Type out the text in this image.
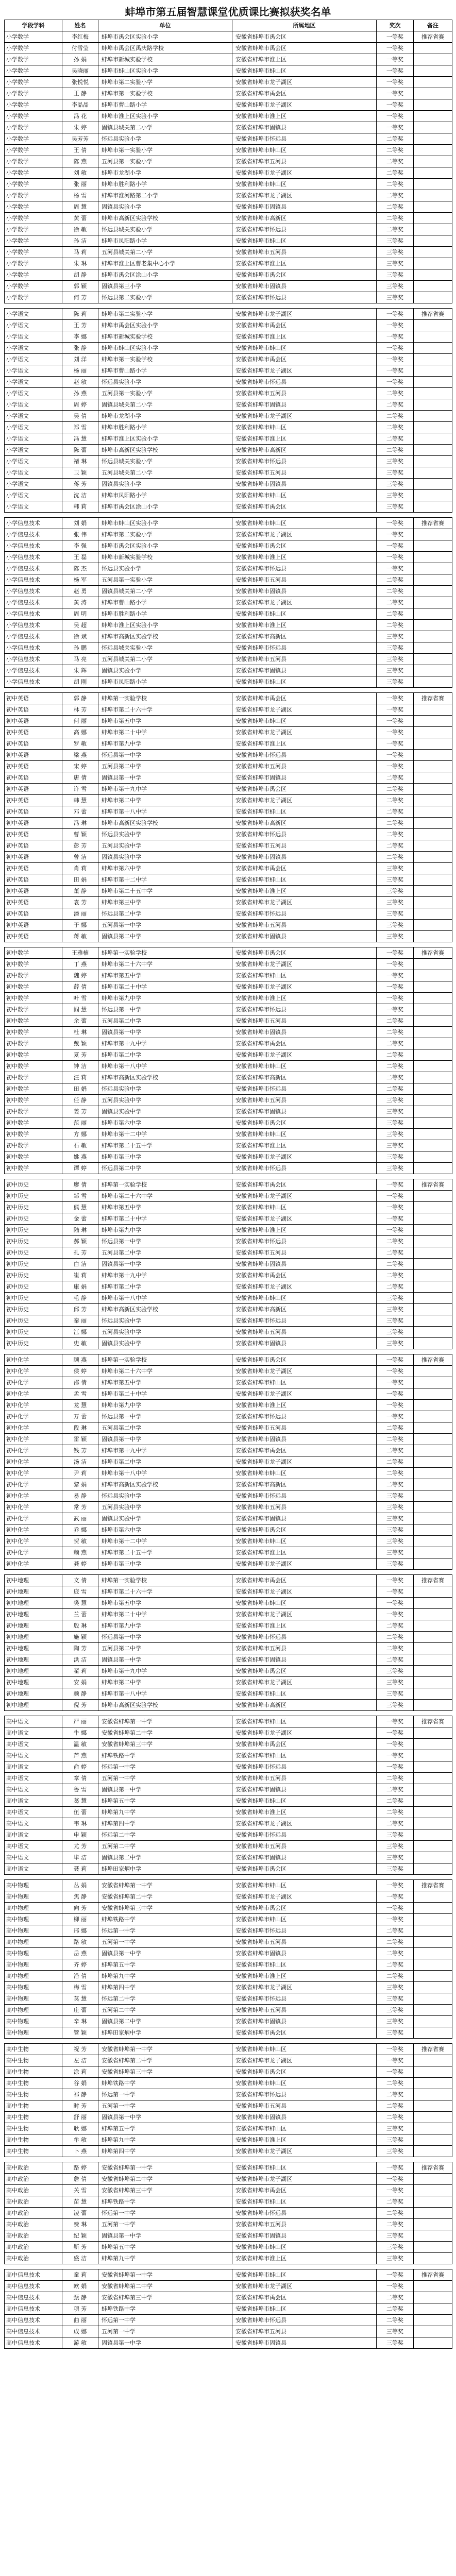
蚌埠市第五届智慧课堂优质课比赛拟获奖名单
学段学科	姓名	单位	所属地区	奖次	备注
小学数学	李红梅	蚌埠市禹会区实验小学	安徽省蚌埠市禹会区	一等奖	推荐省赛
小学数学	付雪莹	蚌埠市禹会区禹庆路学校	安徽省蚌埠市禹会区	一等奖	
小学数学	孙 娟	蚌埠市新城实验学校	安徽省蚌埠市淮上区	一等奖	
小学数学	吴晓丽	蚌埠市蚌山区实验小学	安徽省蚌埠市蚌山区	一等奖	
小学数学	张悦悦	蚌埠市第二实验小学	安徽省蚌埠市龙子湖区	一等奖	
小学数学	王 静	蚌埠市第一实验学校	安徽省蚌埠市禹会区	一等奖	
小学数学	李晶晶	蚌埠市曹山路小学	安徽省蚌埠市龙子湖区	一等奖	
小学数学	冯 花	蚌埠市淮上区实验小学	安徽省蚌埠市淮上区	一等奖	
小学数学	朱 婷	固镇县城关第二小学	安徽省蚌埠市固镇县	一等奖	
小学数学	吴芳芳	怀远县实验小学	安徽省蚌埠市怀远县	二等奖	
小学数学	王 倩	蚌埠市第一实验小学	安徽省蚌埠市蚌山区	二等奖	
小学数学	陈 燕	五河县第一实验小学	安徽省蚌埠市五河县	二等奖	
小学数学	刘 敏	蚌埠市龙湖小学	安徽省蚌埠市龙子湖区	二等奖	
小学数学	张 丽	蚌埠市胜利路小学	安徽省蚌埠市蚌山区	二等奖	
小学数学	杨 雪	蚌埠市淮河路第二小学	安徽省蚌埠市龙子湖区	二等奖	
小学数学	周 慧	固镇县实验小学	安徽省蚌埠市固镇县	二等奖	
小学数学	黄 蕾	蚌埠市高新区实验学校	安徽省蚌埠市高新区	二等奖	
小学数学	徐 敏	怀远县城关实验小学	安徽省蚌埠市怀远县	二等奖	
小学数学	孙 洁	蚌埠市凤阳路小学	安徽省蚌埠市蚌山区	三等奖	
小学数学	马 莉	五河县城关第二小学	安徽省蚌埠市五河县	三等奖	
小学数学	朱 琳	蚌埠市淮上区曹老集中心小学	安徽省蚌埠市淮上区	三等奖	
小学数学	胡 静	蚌埠市禹会区涂山小学	安徽省蚌埠市禹会区	三等奖	
小学数学	郭 颖	固镇县第三小学	安徽省蚌埠市固镇县	三等奖	
小学数学	何 芳	怀远县第二实验小学	安徽省蚌埠市怀远县	三等奖	

小学语文	陈 莉	蚌埠市第二实验小学	安徽省蚌埠市龙子湖区	一等奖	推荐省赛
小学语文	王 芳	蚌埠市禹会区实验小学	安徽省蚌埠市禹会区	一等奖	
小学语文	李 娜	蚌埠市新城实验学校	安徽省蚌埠市淮上区	一等奖	
小学语文	张 静	蚌埠市蚌山区实验小学	安徽省蚌埠市蚌山区	一等奖	
小学语文	刘 洋	蚌埠市第一实验学校	安徽省蚌埠市禹会区	一等奖	
小学语文	杨 丽	蚌埠市曹山路小学	安徽省蚌埠市龙子湖区	一等奖	
小学语文	赵 敏	怀远县实验小学	安徽省蚌埠市怀远县	一等奖	
小学语文	孙 燕	五河县第一实验小学	安徽省蚌埠市五河县	二等奖	
小学语文	周 婷	固镇县城关第二小学	安徽省蚌埠市固镇县	二等奖	
小学语文	吴 倩	蚌埠市龙湖小学	安徽省蚌埠市龙子湖区	二等奖	
小学语文	郑 雪	蚌埠市胜利路小学	安徽省蚌埠市蚌山区	二等奖	
小学语文	冯 慧	蚌埠市淮上区实验小学	安徽省蚌埠市淮上区	二等奖	
小学语文	陈 蕾	蚌埠市高新区实验学校	安徽省蚌埠市高新区	二等奖	
小学语文	褚 琳	怀远县城关实验小学	安徽省蚌埠市怀远县	三等奖	
小学语文	卫 颖	五河县城关第二小学	安徽省蚌埠市五河县	三等奖	
小学语文	蒋 芳	固镇县实验小学	安徽省蚌埠市固镇县	三等奖	
小学语文	沈 洁	蚌埠市凤阳路小学	安徽省蚌埠市蚌山区	三等奖	
小学语文	韩 莉	蚌埠市禹会区涂山小学	安徽省蚌埠市禹会区	三等奖	

小学信息技术	刘 娟	蚌埠市蚌山区实验小学	安徽省蚌埠市蚌山区	一等奖	推荐省赛
小学信息技术	张 伟	蚌埠市第二实验小学	安徽省蚌埠市龙子湖区	一等奖	
小学信息技术	李 强	蚌埠市禹会区实验小学	安徽省蚌埠市禹会区	一等奖	
小学信息技术	王 磊	蚌埠市新城实验学校	安徽省蚌埠市淮上区	一等奖	
小学信息技术	陈 杰	怀远县实验小学	安徽省蚌埠市怀远县	一等奖	
小学信息技术	杨 军	五河县第一实验小学	安徽省蚌埠市五河县	二等奖	
小学信息技术	赵 勇	固镇县城关第二小学	安徽省蚌埠市固镇县	二等奖	
小学信息技术	黄 涛	蚌埠市曹山路小学	安徽省蚌埠市龙子湖区	二等奖	
小学信息技术	周 明	蚌埠市胜利路小学	安徽省蚌埠市蚌山区	二等奖	
小学信息技术	吴 超	蚌埠市淮上区实验小学	安徽省蚌埠市淮上区	二等奖	
小学信息技术	徐 斌	蚌埠市高新区实验学校	安徽省蚌埠市高新区	三等奖	
小学信息技术	孙 鹏	怀远县城关实验小学	安徽省蚌埠市怀远县	三等奖	
小学信息技术	马 亮	五河县城关第二小学	安徽省蚌埠市五河县	三等奖	
小学信息技术	朱 辉	固镇县实验小学	安徽省蚌埠市固镇县	三等奖	
小学信息技术	胡 刚	蚌埠市凤阳路小学	安徽省蚌埠市蚌山区	三等奖	

初中英语	郭 静	蚌埠第一实验学校	安徽省蚌埠市禹会区	一等奖	推荐省赛
初中英语	林 芳	蚌埠市第二十六中学	安徽省蚌埠市龙子湖区	一等奖	
初中英语	何 丽	蚌埠市第五中学	安徽省蚌埠市蚌山区	一等奖	
初中英语	高 娜	蚌埠市第二十中学	安徽省蚌埠市龙子湖区	一等奖	
初中英语	罗 敏	蚌埠市第九中学	安徽省蚌埠市淮上区	一等奖	
初中英语	梁 燕	怀远县第一中学	安徽省蚌埠市怀远县	一等奖	
初中英语	宋 婷	五河县第二中学	安徽省蚌埠市五河县	一等奖	
初中英语	唐 倩	固镇县第一中学	安徽省蚌埠市固镇县	二等奖	
初中英语	许 雪	蚌埠市第十九中学	安徽省蚌埠市禹会区	二等奖	
初中英语	韩 慧	蚌埠市第二中学	安徽省蚌埠市龙子湖区	二等奖	
初中英语	邓 蕾	蚌埠市第十八中学	安徽省蚌埠市蚌山区	二等奖	
初中英语	冯 琳	蚌埠市高新区实验学校	安徽省蚌埠市高新区	二等奖	
初中英语	曹 颖	怀远县实验中学	安徽省蚌埠市怀远县	二等奖	
初中英语	彭 芳	五河县实验中学	安徽省蚌埠市五河县	二等奖	
初中英语	曾 洁	固镇县实验中学	安徽省蚌埠市固镇县	二等奖	
初中英语	肖 莉	蚌埠市第六中学	安徽省蚌埠市禹会区	三等奖	
初中英语	田 娟	蚌埠市第十二中学	安徽省蚌埠市蚌山区	三等奖	
初中英语	董 静	蚌埠市第二十五中学	安徽省蚌埠市淮上区	三等奖	
初中英语	袁 芳	蚌埠市第三中学	安徽省蚌埠市龙子湖区	三等奖	
初中英语	潘 丽	怀远县第二中学	安徽省蚌埠市怀远县	三等奖	
初中英语	于 娜	五河县第一中学	安徽省蚌埠市五河县	三等奖	
初中英语	蒋 敏	固镇县第二中学	安徽省蚌埠市固镇县	三等奖	

初中数学	王雅楠	蚌埠第一实验学校	安徽省蚌埠市禹会区	一等奖	推荐省赛
初中数学	丁 燕	蚌埠市第二十六中学	安徽省蚌埠市龙子湖区	一等奖	
初中数学	魏 婷	蚌埠市第五中学	安徽省蚌埠市蚌山区	一等奖	
初中数学	薛 倩	蚌埠市第二十中学	安徽省蚌埠市龙子湖区	一等奖	
初中数学	叶 雪	蚌埠市第九中学	安徽省蚌埠市淮上区	一等奖	
初中数学	阎 慧	怀远县第一中学	安徽省蚌埠市怀远县	一等奖	
初中数学	余 蕾	五河县第二中学	安徽省蚌埠市五河县	二等奖	
初中数学	杜 琳	固镇县第一中学	安徽省蚌埠市固镇县	二等奖	
初中数学	戴 颖	蚌埠市第十九中学	安徽省蚌埠市禹会区	二等奖	
初中数学	夏 芳	蚌埠市第二中学	安徽省蚌埠市龙子湖区	二等奖	
初中数学	钟 洁	蚌埠市第十八中学	安徽省蚌埠市蚌山区	二等奖	
初中数学	汪 莉	蚌埠市高新区实验学校	安徽省蚌埠市高新区	二等奖	
初中数学	田 娟	怀远县实验中学	安徽省蚌埠市怀远县	二等奖	
初中数学	任 静	五河县实验中学	安徽省蚌埠市五河县	三等奖	
初中数学	姜 芳	固镇县实验中学	安徽省蚌埠市固镇县	三等奖	
初中数学	范 丽	蚌埠市第六中学	安徽省蚌埠市禹会区	三等奖	
初中数学	方 娜	蚌埠市第十二中学	安徽省蚌埠市蚌山区	三等奖	
初中数学	石 敏	蚌埠市第二十五中学	安徽省蚌埠市淮上区	三等奖	
初中数学	姚 燕	蚌埠市第三中学	安徽省蚌埠市龙子湖区	三等奖	
初中数学	谭 婷	怀远县第二中学	安徽省蚌埠市怀远县	三等奖	

初中历史	廖 倩	蚌埠第一实验学校	安徽省蚌埠市禹会区	一等奖	推荐省赛
初中历史	邹 雪	蚌埠市第二十六中学	安徽省蚌埠市龙子湖区	一等奖	
初中历史	熊 慧	蚌埠市第五中学	安徽省蚌埠市蚌山区	一等奖	
初中历史	金 蕾	蚌埠市第二十中学	安徽省蚌埠市龙子湖区	一等奖	
初中历史	陆 琳	蚌埠市第九中学	安徽省蚌埠市淮上区	一等奖	
初中历史	郝 颖	怀远县第一中学	安徽省蚌埠市怀远县	二等奖	
初中历史	孔 芳	五河县第二中学	安徽省蚌埠市五河县	二等奖	
初中历史	白 洁	固镇县第一中学	安徽省蚌埠市固镇县	二等奖	
初中历史	崔 莉	蚌埠市第十九中学	安徽省蚌埠市禹会区	二等奖	
初中历史	康 娟	蚌埠市第二中学	安徽省蚌埠市龙子湖区	二等奖	
初中历史	毛 静	蚌埠市第十八中学	安徽省蚌埠市蚌山区	三等奖	
初中历史	邱 芳	蚌埠市高新区实验学校	安徽省蚌埠市高新区	三等奖	
初中历史	秦 丽	怀远县实验中学	安徽省蚌埠市怀远县	三等奖	
初中历史	江 娜	五河县实验中学	安徽省蚌埠市五河县	三等奖	
初中历史	史 敏	固镇县实验中学	安徽省蚌埠市固镇县	三等奖	

初中化学	顾 燕	蚌埠第一实验学校	安徽省蚌埠市禹会区	一等奖	推荐省赛
初中化学	侯 婷	蚌埠市第二十六中学	安徽省蚌埠市龙子湖区	一等奖	
初中化学	邵 倩	蚌埠市第五中学	安徽省蚌埠市蚌山区	一等奖	
初中化学	孟 雪	蚌埠市第二十中学	安徽省蚌埠市龙子湖区	一等奖	
初中化学	龙 慧	蚌埠市第九中学	安徽省蚌埠市淮上区	一等奖	
初中化学	万 蕾	怀远县第一中学	安徽省蚌埠市怀远县	一等奖	
初中化学	段 琳	五河县第二中学	安徽省蚌埠市五河县	二等奖	
初中化学	雷 颖	固镇县第一中学	安徽省蚌埠市固镇县	二等奖	
初中化学	钱 芳	蚌埠市第十九中学	安徽省蚌埠市禹会区	二等奖	
初中化学	汤 洁	蚌埠市第二中学	安徽省蚌埠市龙子湖区	二等奖	
初中化学	尹 莉	蚌埠市第十八中学	安徽省蚌埠市蚌山区	二等奖	
初中化学	黎 娟	蚌埠市高新区实验学校	安徽省蚌埠市高新区	二等奖	
初中化学	易 静	怀远县实验中学	安徽省蚌埠市怀远县	三等奖	
初中化学	常 芳	五河县实验中学	安徽省蚌埠市五河县	三等奖	
初中化学	武 丽	固镇县实验中学	安徽省蚌埠市固镇县	三等奖	
初中化学	乔 娜	蚌埠市第六中学	安徽省蚌埠市禹会区	三等奖	
初中化学	贺 敏	蚌埠市第十二中学	安徽省蚌埠市蚌山区	三等奖	
初中化学	赖 燕	蚌埠市第二十五中学	安徽省蚌埠市淮上区	三等奖	
初中化学	龚 婷	蚌埠市第三中学	安徽省蚌埠市龙子湖区	三等奖	

初中地理	文 倩	蚌埠第一实验学校	安徽省蚌埠市禹会区	一等奖	推荐省赛
初中地理	庞 雪	蚌埠市第二十六中学	安徽省蚌埠市龙子湖区	一等奖	
初中地理	樊 慧	蚌埠市第五中学	安徽省蚌埠市蚌山区	一等奖	
初中地理	兰 蕾	蚌埠市第二十中学	安徽省蚌埠市龙子湖区	一等奖	
初中地理	殷 琳	蚌埠市第九中学	安徽省蚌埠市淮上区	二等奖	
初中地理	施 颖	怀远县第一中学	安徽省蚌埠市怀远县	二等奖	
初中地理	陶 芳	五河县第二中学	安徽省蚌埠市五河县	二等奖	
初中地理	洪 洁	固镇县第一中学	安徽省蚌埠市固镇县	二等奖	
初中地理	翟 莉	蚌埠市第十九中学	安徽省蚌埠市禹会区	三等奖	
初中地理	安 娟	蚌埠市第二中学	安徽省蚌埠市龙子湖区	三等奖	
初中地理	颜 静	蚌埠市第十八中学	安徽省蚌埠市蚌山区	三等奖	
初中地理	倪 芳	蚌埠市高新区实验学校	安徽省蚌埠市高新区	三等奖	

高中语文	严 丽	安徽省蚌埠第一中学	安徽省蚌埠市蚌山区	一等奖	推荐省赛
高中语文	牛 娜	安徽省蚌埠第二中学	安徽省蚌埠市龙子湖区	一等奖	
高中语文	温 敏	安徽省蚌埠第三中学	安徽省蚌埠市禹会区	一等奖	
高中语文	芦 燕	蚌埠铁路中学	安徽省蚌埠市蚌山区	一等奖	
高中语文	俞 婷	怀远第一中学	安徽省蚌埠市怀远县	一等奖	
高中语文	章 倩	五河第一中学	安徽省蚌埠市五河县	二等奖	
高中语文	鲁 雪	固镇县第一中学	安徽省蚌埠市固镇县	二等奖	
高中语文	葛 慧	蚌埠第五中学	安徽省蚌埠市蚌山区	二等奖	
高中语文	伍 蕾	蚌埠第九中学	安徽省蚌埠市淮上区	二等奖	
高中语文	韦 琳	蚌埠第四中学	安徽省蚌埠市龙子湖区	二等奖	
高中语文	申 颖	怀远第二中学	安徽省蚌埠市怀远县	三等奖	
高中语文	尤 芳	五河第二中学	安徽省蚌埠市五河县	三等奖	
高中语文	毕 洁	固镇县第二中学	安徽省蚌埠市固镇县	三等奖	
高中语文	聂 莉	蚌埠田家炳中学	安徽省蚌埠市禹会区	三等奖	

高中物理	丛 娟	安徽省蚌埠第一中学	安徽省蚌埠市蚌山区	一等奖	推荐省赛
高中物理	焦 静	安徽省蚌埠第二中学	安徽省蚌埠市龙子湖区	一等奖	
高中物理	向 芳	安徽省蚌埠第三中学	安徽省蚌埠市禹会区	一等奖	
高中物理	柳 丽	蚌埠铁路中学	安徽省蚌埠市蚌山区	一等奖	
高中物理	邢 娜	怀远第一中学	安徽省蚌埠市怀远县	二等奖	
高中物理	路 敏	五河第一中学	安徽省蚌埠市五河县	二等奖	
高中物理	岳 燕	固镇县第一中学	安徽省蚌埠市固镇县	二等奖	
高中物理	齐 婷	蚌埠第五中学	安徽省蚌埠市蚌山区	二等奖	
高中物理	沿 倩	蚌埠第九中学	安徽省蚌埠市淮上区	二等奖	
高中物理	梅 雪	蚌埠第四中学	安徽省蚌埠市龙子湖区	三等奖	
高中物理	莫 慧	怀远第二中学	安徽省蚌埠市怀远县	三等奖	
高中物理	庄 蕾	五河第二中学	安徽省蚌埠市五河县	三等奖	
高中物理	辛 琳	固镇县第二中学	安徽省蚌埠市固镇县	三等奖	
高中物理	管 颖	蚌埠田家炳中学	安徽省蚌埠市禹会区	三等奖	

高中生物	祝 芳	安徽省蚌埠第一中学	安徽省蚌埠市蚌山区	一等奖	推荐省赛
高中生物	左 洁	安徽省蚌埠第二中学	安徽省蚌埠市龙子湖区	一等奖	
高中生物	涂 莉	安徽省蚌埠第三中学	安徽省蚌埠市禹会区	一等奖	
高中生物	谷 娟	蚌埠铁路中学	安徽省蚌埠市蚌山区	二等奖	
高中生物	祁 静	怀远第一中学	安徽省蚌埠市怀远县	二等奖	
高中生物	时 芳	五河第一中学	安徽省蚌埠市五河县	二等奖	
高中生物	舒 丽	固镇县第一中学	安徽省蚌埠市固镇县	二等奖	
高中生物	耿 娜	蚌埠第五中学	安徽省蚌埠市蚌山区	三等奖	
高中生物	牟 敏	蚌埠第九中学	安徽省蚌埠市淮上区	三等奖	
高中生物	卜 燕	蚌埠第四中学	安徽省蚌埠市龙子湖区	三等奖	

高中政治	路 婷	安徽省蚌埠第一中学	安徽省蚌埠市蚌山区	一等奖	推荐省赛
高中政治	詹 倩	安徽省蚌埠第二中学	安徽省蚌埠市龙子湖区	一等奖	
高中政治	关 雪	安徽省蚌埠第三中学	安徽省蚌埠市禹会区	一等奖	
高中政治	苗 慧	蚌埠铁路中学	安徽省蚌埠市蚌山区	二等奖	
高中政治	凌 蕾	怀远第一中学	安徽省蚌埠市怀远县	二等奖	
高中政治	费 琳	五河第一中学	安徽省蚌埠市五河县	二等奖	
高中政治	纪 颖	固镇县第一中学	安徽省蚌埠市固镇县	三等奖	
高中政治	靳 芳	蚌埠第五中学	安徽省蚌埠市蚌山区	三等奖	
高中政治	盛 洁	蚌埠第九中学	安徽省蚌埠市淮上区	三等奖	

高中信息技术	童 莉	安徽省蚌埠第一中学	安徽省蚌埠市蚌山区	一等奖	推荐省赛
高中信息技术	欧 娟	安徽省蚌埠第二中学	安徽省蚌埠市龙子湖区	一等奖	
高中信息技术	甄 静	安徽省蚌埠第三中学	安徽省蚌埠市禹会区	二等奖	
高中信息技术	项 芳	蚌埠铁路中学	安徽省蚌埠市蚌山区	二等奖	
高中信息技术	曲 丽	怀远第一中学	安徽省蚌埠市怀远县	二等奖	
高中信息技术	成 娜	五河第一中学	安徽省蚌埠市五河县	三等奖	
高中信息技术	游 敏	固镇县第一中学	安徽省蚌埠市固镇县	三等奖	
